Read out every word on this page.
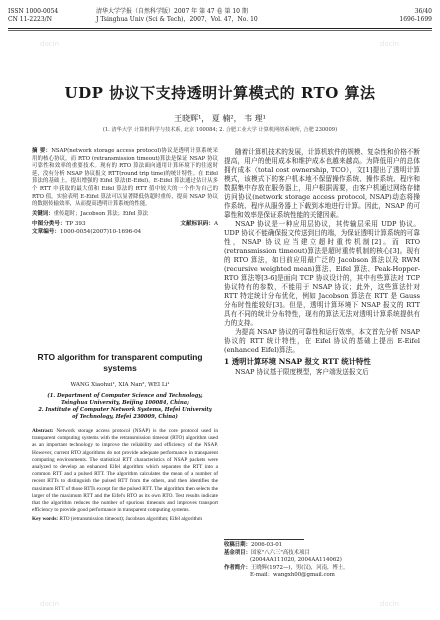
ISSN 1000-0054
CN 11-2223/N
清华大学学报（自然科学版）2007 年 第 47 卷 第 10 期
J Tsinghua Univ (Sci & Tech)，2007，Vol. 47，No. 10
36/40
1696-1699
docin	docin
docin	docin
UDP 协议下支持透明计算模式的 RTO 算法
王晓辉¹， 夏 楠²， 韦 理¹
(1. 清华大学 计算机科学与技术系, 北京 100084; 2. 合肥工业大学 计算机网络系统所, 合肥 230009)

摘 要：NSAP(network storage access protocol)协议是透明计算系统采用的核心协议，而 RTO (retransmission timeout)算法是保证 NSAP 协议可靠性和效率的重要技术。现有的 RTO 算法面向通用计算环境下的往返时延，没有分析 NSAP 协议报文 RTT(round trip time)的统计特性。在 Eifel 算法的基础上，提出增强的 Eifel 算法(E-Eifel)。E-Eifel 算法通过估计从多个 RTT 中获取的最大值和 Eifel 算法的 RTT 值中较大的一个作为自己的 RTO 值。实验表明 E-Eifel 算法可以显著降低伪超时重传，提高 NSAP 协议的数据传输效率，从而提高透明计算系统的性能。

关键词：重传超时；Jacobson 算法；Eifel 算法

中图分类号：TP 393	文献标识码：A
文章编号：1000-0054(2007)10-1696-04
RTO algorithm for transparent computing systems
WANG Xiaohui¹, XIA Nan², WEI Li¹
(1. Department of Computer Science and Technology,
Tsinghua University, Beijing 100084, China;
2. Institute of Computer Network Systems, Hefei University
of Technology, Hefei 230009, China)

Abstract: Network storage access protocol (NSAP) is the core protocol used in transparent computing systems with the retransmission timeout (RTO) algorithm used as an important technology to improve the reliability and efficiency of the NSAP. However, current RTO algorithms do not provide adequate performance in transparent computing environments. The statistical RTT characteristics of NSAP packets were analyzed to develop an enhanced Eifel algorithm which separates the RTT into a common RTT and a pulsed RTT. The algorithm calculates the mean of a number of recent RTTs to distinguish the pulsed RTT from the others, and then identifies the maximum RTT of those RTTs except for the pulsed RTT. The algorithm then selects the larger of the maximum RTT and the Eifel's RTO as its own RTO. Test results indicate that the algorithm reduces the number of spurious timeouts and improves transport efficiency to provide good performance in transparent computing systems.

Key words: RTO (retransmission timeout); Jacobson algorithm; Eifel algorithm

随着计算机技术的发展，计算机软件的规模、复杂性和价格不断提高，用户的使用成本和维护成本也越来越高。为降低用户的总体拥有成本（total cost ownership, TCO），文[1]提出了透明计算模式，该模式下的客户机本地不保留操作系统、操作系统、程序和数据集中存放在服务器上，用户根据需要，由客户机通过网络存储访问协议(network storage access protocol, NSAP)动态将操作系统、程序从服务器上下载到本地进行计算。因此，NSAP 的可靠性和效率是保证系统性能的关键因素。

NSAP 协议是一种应用层协议，其传输层采用 UDP 协议。UDP 协议不能确保报文传送到目的端，为保证透明计算系统的可靠性，NSAP 协议应当建立超时重传机制[2]。而 RTO (retransmission timeout)算法是超时重传机制的核心[3]。现有的 RTO 算法，如目前应用最广泛的 Jacobson 算法以及 RWM (recursive weighted mean)算法、Eifel 算法、Peak-Hopper-RTO 算法等[3-6]是面向 TCP 协议设计的，其中有些算法对 TCP 协议特有的参数，不能用于 NSAP 协议；此外，这些算法针对 RTT 特定统计分布优化，例如 Jacobson 算法在 RTT 是 Gauss 分布时性能较好[3]。但是，透明计算环境下 NSAP 报文的 RTT 具有不同的统计分布特性，现有的算法无法对透明计算系统提供有力的支持。

为提高 NSAP 协议的可靠性和运行效率，本文首先分析 NSAP 协议的 RTT 统计特性，在 Eifel 协议的基础上提出 E-Eifel (enhanced Eifel)算法。

1 透明计算环境 NSAP 报文 RTT 统计特性

NSAP 协议基于限度模型，客户端发送报文后

收稿日期：2006-03-01
基金项目：国家"八六三"高技术项目
(2004AA111020, 2004AA114062)
作者简介：王晓辉(1972—)，男(汉)，河南，博士。
E-mail：wangxh00@gmail.com
